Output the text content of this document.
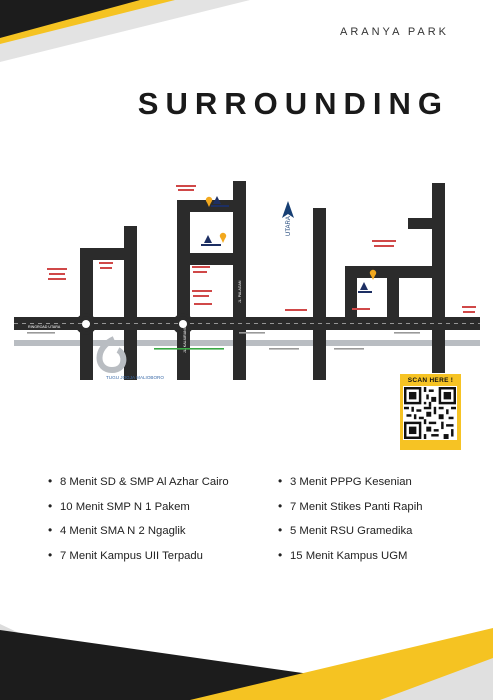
ARANYA PARK
SURROUNDING
UTARA
TUGU JOGJA MALIOBORO
RINGROAD UTARA	JL. KALIURANG
JL. PALAGAN
SCAN HERE !
• 8 Menit SD & SMP Al Azhar Cairo
• 10 Menit SMP N 1 Pakem
• 4 Menit SMA N 2 Ngaglik
• 7 Menit Kampus UII Terpadu
• 3 Menit PPPG Kesenian
• 7 Menit Stikes Panti Rapih
• 5 Menit RSU Gramedika
• 15 Menit Kampus UGM
